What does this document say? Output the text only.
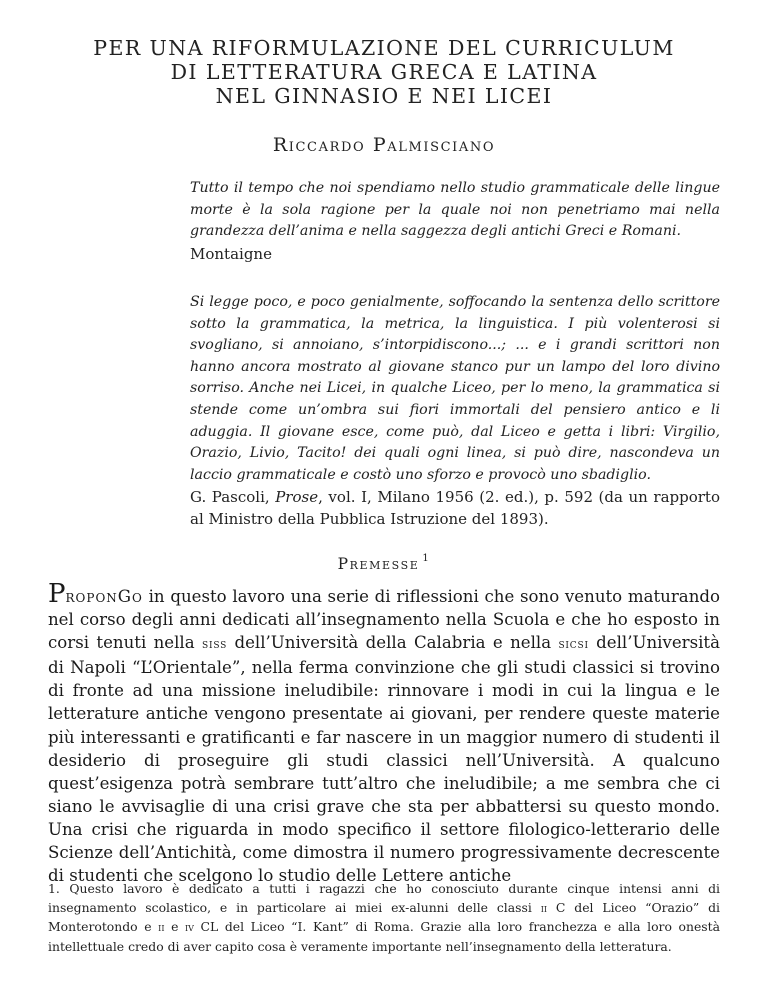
PER UNA RIFORMULAZIONE DEL CURRICULUM
DI LETTERATURA GRECA E LATINA
NEL GINNASIO E NEI LICEI
Riccardo Palmisciano
Tutto il tempo che noi spendiamo nello studio grammaticale delle lingue morte è la sola ragione per la quale noi non penetriamo mai nella grandezza dell’anima e nella saggezza degli antichi Greci e Romani.
Montaigne
Si legge poco, e poco genialmente, soffocando la sentenza dello scrittore sotto la grammatica, la metrica, la linguistica. I più volenterosi si svogliano, si annoiano, s’intorpidiscono...; ... e i grandi scrittori non hanno ancora mostrato al giovane stanco pur un lampo del loro divino sorriso. Anche nei Licei, in qualche Liceo, per lo meno, la grammatica si stende come un’ombra sui fiori immortali del pensiero antico e li aduggia. Il giovane esce, come può, dal Liceo e getta i libri: Virgilio, Orazio, Livio, Tacito! dei quali ogni linea, si può dire, nascondeva un laccio grammaticale e costò uno sforzo e provocò uno sbadiglio.
G. Pascoli, Prose, vol. I, Milano 1956 (2. ed.), p. 592 (da un rapporto al Ministro della Pubblica Istruzione del 1893).
Premesse $^1$

ProponGo in questo lavoro una serie di riflessioni che sono venuto maturando nel corso degli anni dedicati all’insegnamento nella Scuola e che ho esposto in corsi tenuti nella siss dell’Università della Calabria e nella sicsi dell’Università di Napoli “L’Orientale”, nella ferma convinzione che gli studi classici si trovino di fronte ad una missione ineludibile: rinnovare i modi in cui la lingua e le letterature antiche vengono presentate ai giovani, per rendere queste materie più interessanti e gratificanti e far nascere in un maggior numero di studenti il desiderio di proseguire gli studi classici nell’Università. A qualcuno quest’esigenza potrà sembrare tutt’altro che ineludibile; a me sembra che ci siano le avvisaglie di una crisi grave che sta per abbattersi su questo mondo. Una crisi che riguarda in modo specifico il settore filologico-letterario delle Scienze dell’Antichità, come dimostra il numero progressivamente decrescente di studenti che scelgono lo studio delle Lettere antiche

1. Questo lavoro è dedicato a tutti i ragazzi che ho conosciuto durante cinque intensi anni di insegnamento scolastico, e in particolare ai miei ex-alunni delle classi ii C del Liceo “Orazio” di Monterotondo e ii e iv CL del Liceo “I. Kant” di Roma. Grazie alla loro franchezza e alla loro onestà intellettuale credo di aver capito cosa è veramente importante nell’insegnamento della letteratura.
